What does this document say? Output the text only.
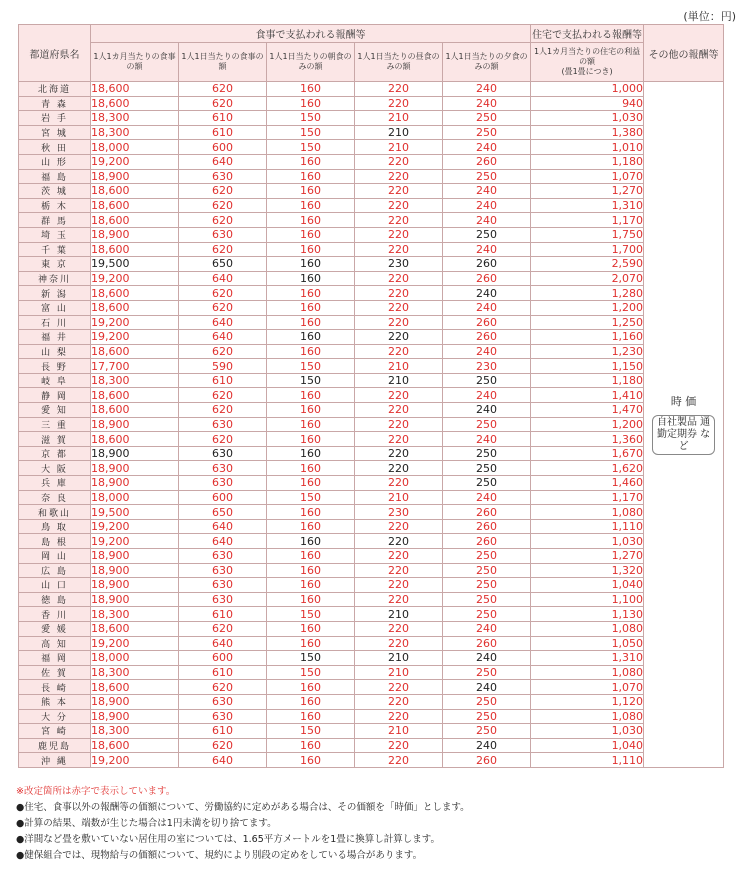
(単位：円)
都道府県名	食事で支払われる報酬等					住宅で支払われる報酬等	その他の報酬等
	1人1カ月当たりの食事の額	1人1日当たりの食事の額	1人1日当たりの朝食のみの額	1人1日当たりの昼食のみの額	1人1日当たりの夕食のみの額	1人1カ月当たりの住宅の利益の額
(畳1畳につき)	
北海道	18,600	620	160	220	240	1,000	時 価
自社製品 通勤定期券 など

青 森	18,600	620	160	220	240	940	
岩 手	18,300	610	150	210	250	1,030	
宮 城	18,300	610	150	210	250	1,380	
秋 田	18,000	600	150	210	240	1,010	
山 形	19,200	640	160	220	260	1,180	
福 島	18,900	630	160	220	250	1,070	
茨 城	18,600	620	160	220	240	1,270	
栃 木	18,600	620	160	220	240	1,310	
群 馬	18,600	620	160	220	240	1,170	
埼 玉	18,900	630	160	220	250	1,750	
千 葉	18,600	620	160	220	240	1,700	
東 京	19,500	650	160	230	260	2,590	
神奈川	19,200	640	160	220	260	2,070	
新 潟	18,600	620	160	220	240	1,280	
富 山	18,600	620	160	220	240	1,200	
石 川	19,200	640	160	220	260	1,250	
福 井	19,200	640	160	220	260	1,160	
山 梨	18,600	620	160	220	240	1,230	
長 野	17,700	590	150	210	230	1,150	
岐 阜	18,300	610	150	210	250	1,180	
静 岡	18,600	620	160	220	240	1,410	
愛 知	18,600	620	160	220	240	1,470	
三 重	18,900	630	160	220	250	1,200	
滋 賀	18,600	620	160	220	240	1,360	
京 都	18,900	630	160	220	250	1,670	
大 阪	18,900	630	160	220	250	1,620	
兵 庫	18,900	630	160	220	250	1,460	
奈 良	18,000	600	150	210	240	1,170	
和歌山	19,500	650	160	230	260	1,080	
鳥 取	19,200	640	160	220	260	1,110	
島 根	19,200	640	160	220	260	1,030	
岡 山	18,900	630	160	220	250	1,270	
広 島	18,900	630	160	220	250	1,320	
山 口	18,900	630	160	220	250	1,040	
徳 島	18,900	630	160	220	250	1,100	
香 川	18,300	610	150	210	250	1,130	
愛 媛	18,600	620	160	220	240	1,080	
高 知	19,200	640	160	220	260	1,050	
福 岡	18,000	600	150	210	240	1,310	
佐 賀	18,300	610	150	210	250	1,080	
長 崎	18,600	620	160	220	240	1,070	
熊 本	18,900	630	160	220	250	1,120	
大 分	18,900	630	160	220	250	1,080	
宮 崎	18,300	610	150	210	250	1,030	
鹿児島	18,600	620	160	220	240	1,040	
沖 縄	19,200	640	160	220	260	1,110	
※改定箇所は赤字で表示しています。
●住宅、食事以外の報酬等の価額について、労働協約に定めがある場合は、その価額を「時価」とします。
●計算の結果、端数が生じた場合は1円未満を切り捨てます。
●洋間など畳を敷いていない居住用の室については、1.65平方メートルを1畳に換算し計算します。
●健保組合では、現物給与の価額について、規約により別段の定めをしている場合があります。
